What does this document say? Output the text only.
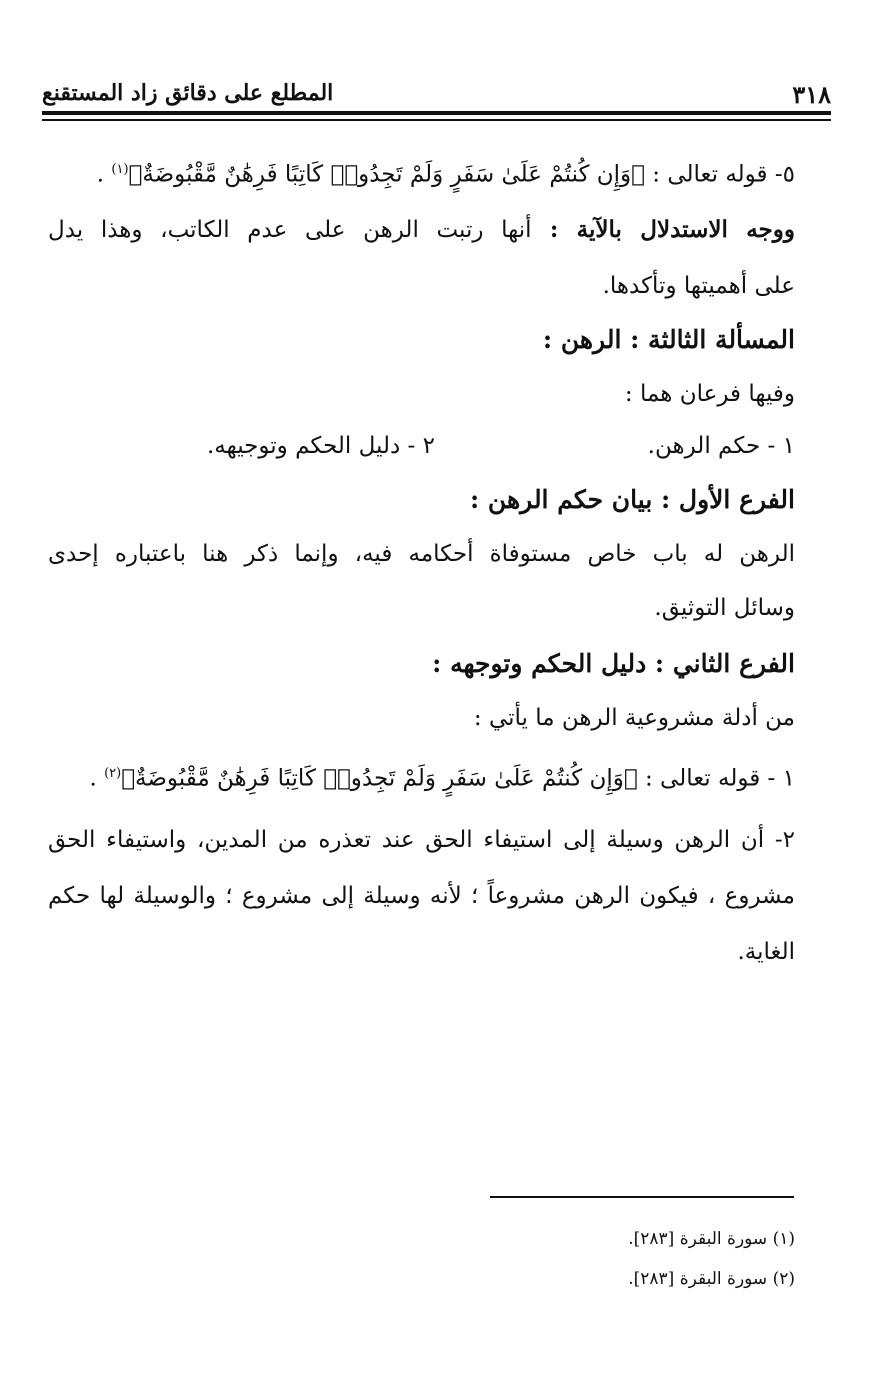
٣١٨
المطلع على دقائق زاد المستقنع
٥- قوله تعالى : ﴿وَإِن كُنتُمْ عَلَىٰ سَفَرٍ وَلَمْ تَجِدُوا۟ كَاتِبًا فَرِهَٰنٌ مَّقْبُوضَةٌ﴾$^{(١)}$ .
ووجه الاستدلال بالآية : أنها رتبت الرهن على عدم الكاتب، وهذا يدل
على أهميتها وتأكدها.
المسألة الثالثة : الرهن :
وفيها فرعان هما :
١ - حكم الرهن.
٢ - دليل الحكم وتوجيهه.
الفرع الأول : بيان حكم الرهن :
الرهن له باب خاص مستوفاة أحكامه فيه، وإنما ذكر هنا باعتباره إحدى
وسائل التوثيق.
الفرع الثاني : دليل الحكم وتوجهه :
من أدلة مشروعية الرهن ما يأتي :
١ - قوله تعالى : ﴿وَإِن كُنتُمْ عَلَىٰ سَفَرٍ وَلَمْ تَجِدُوا۟ كَاتِبًا فَرِهَٰنٌ مَّقْبُوضَةٌ﴾$^{(٢)}$ .
٢- أن الرهن وسيلة إلى استيفاء الحق عند تعذره من المدين، واستيفاء الحق
مشروع ، فيكون الرهن مشروعاً ؛ لأنه وسيلة إلى مشروع ؛ والوسيلة لها حكم
الغاية.
(١) سورة البقرة [٢٨٣].
(٢) سورة البقرة [٢٨٣].
